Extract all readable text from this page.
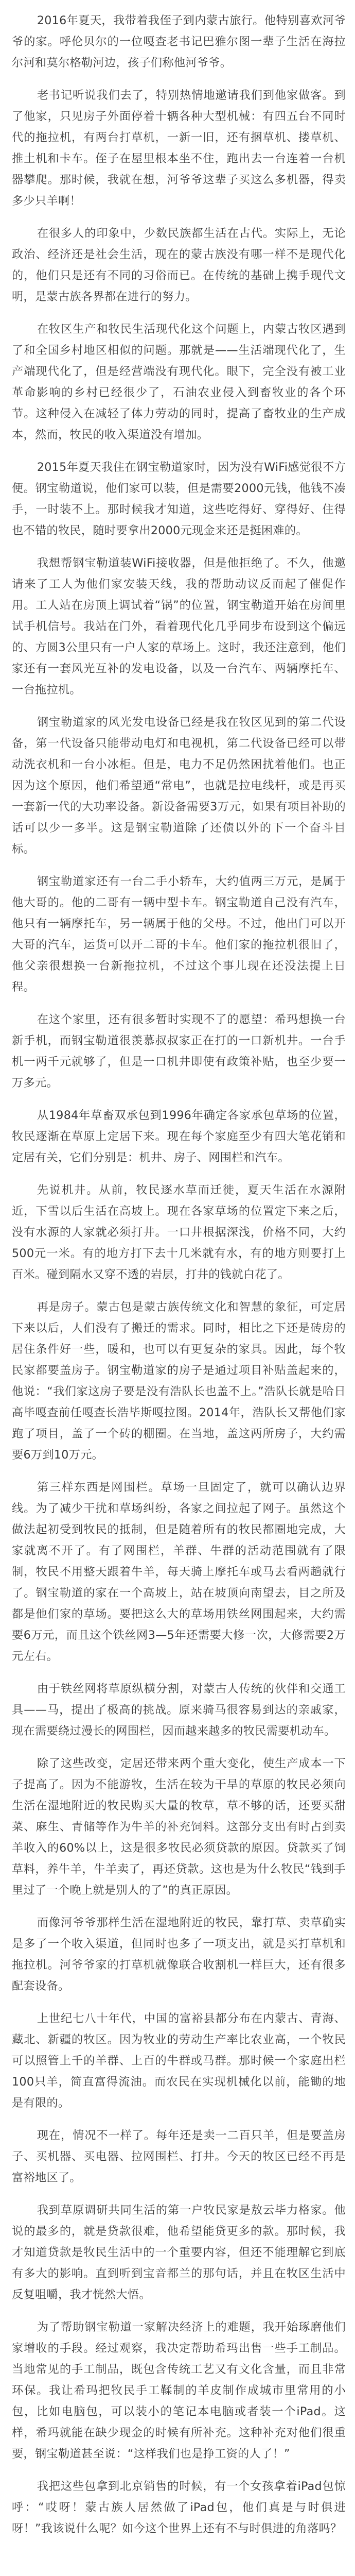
2016年夏天，我带着我侄子到内蒙古旅行。他特别喜欢河爷爷的家。呼伦贝尔的一位嘎查老书记巴雅尔图一辈子生活在海拉尔河和莫尔格勒河边，孩子们称他河爷爷。

老书记听说我们去了，特别热情地邀请我们到他家做客。到了他家，只见房子外面停着十辆各种大型机械：有四五台不同时代的拖拉机，有两台打草机，一新一旧，还有捆草机、搂草机、推土机和卡车。侄子在屋里根本坐不住，跑出去一台连着一台机器攀爬。那时候，我就在想，河爷爷这辈子买这么多机器，得卖多少只羊啊！

在很多人的印象中，少数民族都生活在古代。实际上，无论政治、经济还是社会生活，现在的蒙古族没有哪一样不是现代化的，他们只是还有不同的习俗而已。在传统的基础上携手现代文明，是蒙古族各界都在进行的努力。

在牧区生产和牧民生活现代化这个问题上，内蒙古牧区遇到了和全国乡村地区相似的问题。那就是——生活端现代化了，生产端现代化了，但是经营端没有现代化。眼下，完全没有被工业革命影响的乡村已经很少了，石油农业侵入到畜牧业的各个环节。这种侵入在减轻了体力劳动的同时，提高了畜牧业的生产成本，然而，牧民的收入渠道没有增加。

2015年夏天我住在钢宝勒道家时，因为没有WiFi感觉很不方便。钢宝勒道说，他们家可以装，但是需要2000元钱，他钱不凑手，一时装不上。那时候我才知道，这些吃得好、穿得好、住得也不错的牧民，随时要拿出2000元现金来还是挺困难的。

我想帮钢宝勒道装WiFi接收器，但是他拒绝了。不久，他邀请来了工人为他们家安装天线，我的帮助动议反而起了催促作用。工人站在房顶上调试着“锅”的位置，钢宝勒道开始在房间里试手机信号。我站在门外，看着现代化几乎同步布设到这个偏远的、方圆3公里只有一户人家的草场上。这时，我还注意到，他们家还有一套风光互补的发电设备，以及一台汽车、两辆摩托车、一台拖拉机。

钢宝勒道家的风光发电设备已经是我在牧区见到的第二代设备，第一代设备只能带动电灯和电视机，第二代设备已经可以带动洗衣机和一台小冰柜。但是，电力不足仍然困扰着他们。也正因为这个原因，他们希望通“常电”，也就是拉电线杆，或是再买一套新一代的大功率设备。新设备需要3万元，如果有项目补助的话可以少一多半。这是钢宝勒道除了还债以外的下一个奋斗目标。

钢宝勒道家还有一台二手小轿车，大约值两三万元，是属于他大哥的。他的二哥有一辆中型卡车。钢宝勒道自己没有汽车，他只有一辆摩托车，另一辆属于他的父母。不过，他出门可以开大哥的汽车，运货可以开二哥的卡车。他们家的拖拉机很旧了，他父亲很想换一台新拖拉机，不过这个事儿现在还没法提上日程。

在这个家里，还有很多暂时实现不了的愿望：希玛想换一台新手机，而钢宝勒道很羡慕叔叔家正在打的一口新机井。一台手机一两千元就够了，但是一口机井即使有政策补贴，也至少要一万多元。

从1984年草畜双承包到1996年确定各家承包草场的位置，牧民逐渐在草原上定居下来。现在每个家庭至少有四大笔花销和定居有关，它们分别是：机井、房子、网围栏和汽车。

先说机井。从前，牧民逐水草而迁徙，夏天生活在水源附近，下雪以后生活在高坡上。现在各家草场的位置定下来之后，没有水源的人家就必须打井。一口井根据深浅，价格不同，大约500元一米。有的地方打下去十几米就有水，有的地方则要打上百米。碰到隔水又穿不透的岩层，打井的钱就白花了。

再是房子。蒙古包是蒙古族传统文化和智慧的象征，可定居下来以后，人们没有了搬迁的需求。同时，相比之下还是砖房的居住条件好一些，暖和，也可以有更复杂的家具。因此，每个牧民家都要盖房子。钢宝勒道家的房子是通过项目补贴盖起来的，他说：“我们家这房子要是没有浩队长也盖不上。”浩队长就是哈日高毕嘎查前任嘎查长浩毕斯嘎拉图。2014年，浩队长又帮他们家跑了项目，盖了一个砖的棚圈。在当地，盖这两所房子，大约需要6万到10万元。

第三样东西是网围栏。草场一旦固定了，就可以确认边界线。为了减少干扰和草场纠纷，各家之间拉起了网子。虽然这个做法起初受到牧民的抵制，但是随着所有的牧民都圈地完成，大家就离不开了。有了网围栏，羊群、牛群的活动范围就有了限制，牧民不用整天跟着牛羊，每天骑上摩托车或马去看两趟就行了。钢宝勒道的家在一个高坡上，站在坡顶向南望去，目之所及都是他们家的草场。要把这么大的草场用铁丝网围起来，大约需要6万元，而且这个铁丝网3—5年还需要大修一次，大修需要2万元左右。

由于铁丝网将草原纵横分割，对蒙古人传统的伙伴和交通工具——马，提出了极高的挑战。原来骑马很容易到达的亲戚家，现在需要绕过漫长的网围栏，因而越来越多的牧民需要机动车。

除了这些改变，定居还带来两个重大变化，使生产成本一下子提高了。因为不能游牧，生活在较为干旱的草原的牧民必须向生活在湿地附近的牧民购买大量的牧草，草不够的话，还要买甜菜、麻生、青储等作为牛羊的补充饲料。这部分支出有时占到卖羊收入的60%以上，这是很多牧民必须贷款的原因。贷款买了饲草料，养牛羊，牛羊卖了，再还贷款。这也是为什么牧民“钱到手里过了一个晚上就是别人的了”的真正原因。

而像河爷爷那样生活在湿地附近的牧民，靠打草、卖草确实是多了一个收入渠道，但同时也多了一项支出，就是买打草机和拖拉机。河爷爷家的打草机就像联合收割机一样巨大，还有很多配套设备。

上世纪七八十年代，中国的富裕县都分布在内蒙古、青海、藏北、新疆的牧区。因为牧业的劳动生产率比农业高，一个牧民可以照管上千的羊群、上百的牛群或马群。那时候一个家庭出栏100只羊，简直富得流油。而农民在实现机械化以前，能锄的地是有限的。

现在，情况不一样了。每年还是卖一二百只羊，但是要盖房子、买机器、买电器、拉网围栏、打井。今天的牧区已经不再是富裕地区了。

我到草原调研共同生活的第一户牧民家是敖云毕力格家。他说的最多的，就是贷款很难，他希望能贷更多的款。那时候，我才知道贷款是牧民生活中的一个重要内容，但还不能理解它到底有多大的影响。直到听到宝音都兰的那句话，并且在牧区生活中反复咀嚼，我才恍然大悟。

为了帮助钢宝勒道一家解决经济上的难题，我开始琢磨他们家增收的手段。经过观察，我决定帮助希玛出售一些手工制品。当地常见的手工制品，既包含传统工艺又有文化含量，而且非常环保。我让希玛把牧民手工鞣制的羊皮制作成城市里常用的小包，比如电脑包，可以装小的笔记本电脑或者装一个iPad。这样，希玛就能在缺少现金的时候有所补充。这种补充对他们很重要，钢宝勒道甚至说：“这样我们也是挣工资的人了！”

我把这些包拿到北京销售的时候，有一个女孩拿着iPad包惊呼：“哎呀！蒙古族人居然做了iPad包，他们真是与时俱进呀！”我该说什么呢？如今这个世界上还有不与时俱进的角落吗？
